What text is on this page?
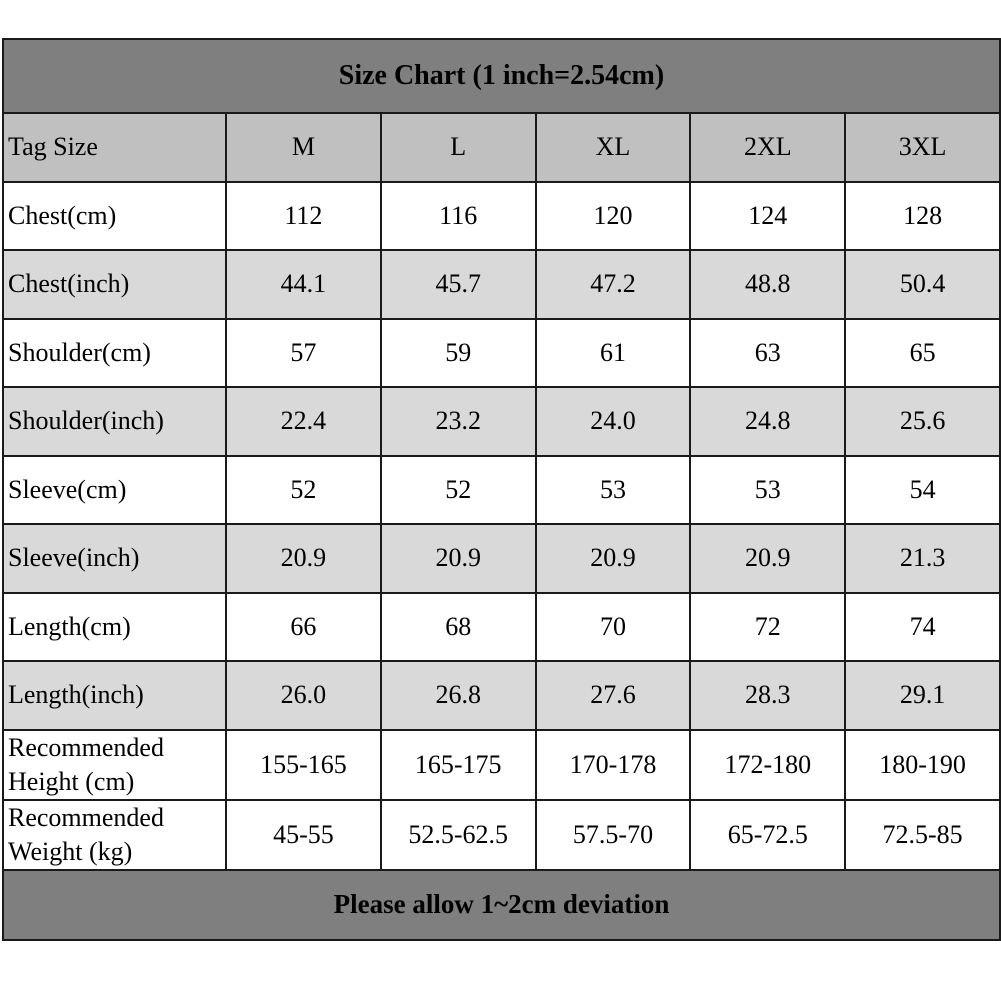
Size Chart (1 inch=2.54cm)					
Tag Size	M	L	XL	2XL	3XL
Chest(cm)	112	116	120	124	128
Chest(inch)	44.1	45.7	47.2	48.8	50.4
Shoulder(cm)	57	59	61	63	65
Shoulder(inch)	22.4	23.2	24.0	24.8	25.6
Sleeve(cm)	52	52	53	53	54
Sleeve(inch)	20.9	20.9	20.9	20.9	21.3
Length(cm)	66	68	70	72	74
Length(inch)	26.0	26.8	27.6	28.3	29.1

Recommended
Height (cm)	155-165	165-175	170-178	172-180	180-190

Recommended
Weight (kg)	45-55	52.5-62.5	57.5-70	65-72.5	72.5-85
Please allow 1~2cm deviation					
